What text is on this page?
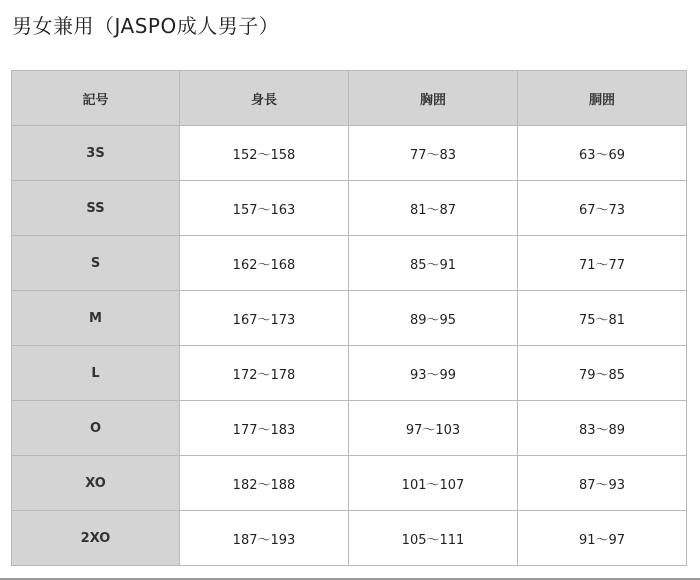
男女兼用（JASPO成人男子）
記号	身長	胸囲	胴囲
3S	152〜158	77〜83	63〜69
SS	157〜163	81〜87	67〜73
S	162〜168	85〜91	71〜77
M	167〜173	89〜95	75〜81
L	172〜178	93〜99	79〜85
O	177〜183	97〜103	83〜89
XO	182〜188	101〜107	87〜93
2XO	187〜193	105〜111	91〜97
